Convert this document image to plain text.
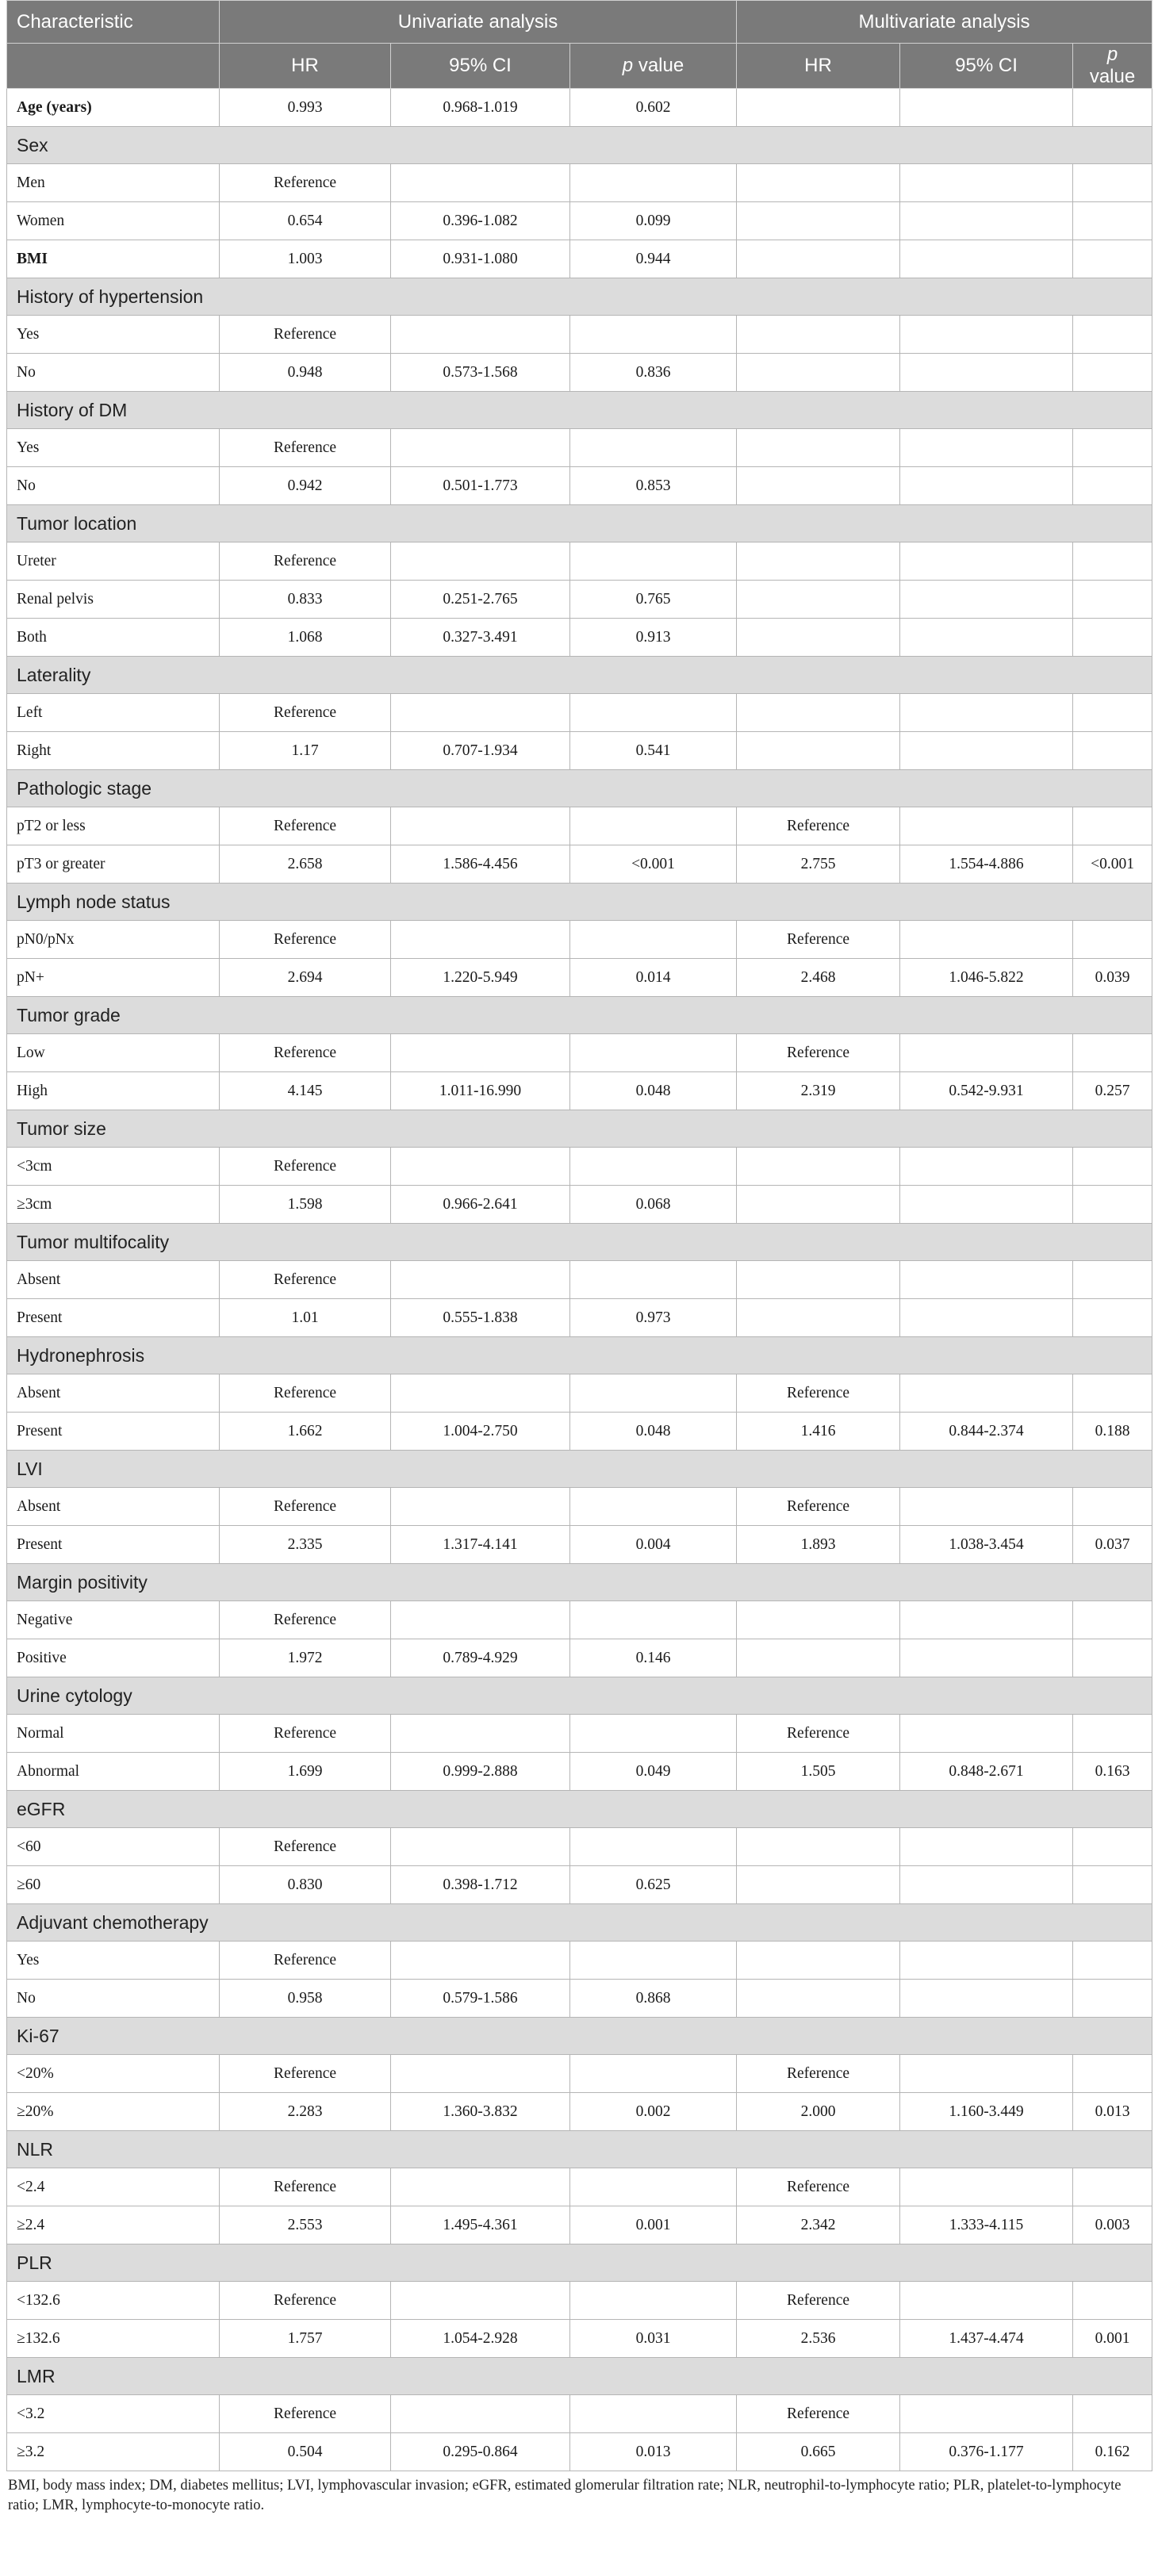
Characteristic	Univariate analysis			Multivariate analysis		
	HR	95% CI	p value	HR	95% CI	p value
Age (years)	0.993	0.968-1.019	0.602			
Sex						
Men	Reference					
Women	0.654	0.396-1.082	0.099			
BMI	1.003	0.931-1.080	0.944			
History of hypertension						
Yes	Reference					
No	0.948	0.573-1.568	0.836			
History of DM						
Yes	Reference					
No	0.942	0.501-1.773	0.853			
Tumor location						
Ureter	Reference					
Renal pelvis	0.833	0.251-2.765	0.765			
Both	1.068	0.327-3.491	0.913			
Laterality						
Left	Reference					
Right	1.17	0.707-1.934	0.541			
Pathologic stage						
pT2 or less	Reference			Reference		
pT3 or greater	2.658	1.586-4.456	<0.001	2.755	1.554-4.886	<0.001
Lymph node status						
pN0/pNx	Reference			Reference		
pN+	2.694	1.220-5.949	0.014	2.468	1.046-5.822	0.039
Tumor grade						
Low	Reference			Reference		
High	4.145	1.011-16.990	0.048	2.319	0.542-9.931	0.257
Tumor size						
<3cm	Reference					
≥3cm	1.598	0.966-2.641	0.068			
Tumor multifocality						
Absent	Reference					
Present	1.01	0.555-1.838	0.973			
Hydronephrosis						
Absent	Reference			Reference		
Present	1.662	1.004-2.750	0.048	1.416	0.844-2.374	0.188
LVI						
Absent	Reference			Reference		
Present	2.335	1.317-4.141	0.004	1.893	1.038-3.454	0.037
Margin positivity						
Negative	Reference					
Positive	1.972	0.789-4.929	0.146			
Urine cytology						
Normal	Reference			Reference		
Abnormal	1.699	0.999-2.888	0.049	1.505	0.848-2.671	0.163
eGFR						
<60	Reference					
≥60	0.830	0.398-1.712	0.625			
Adjuvant chemotherapy						
Yes	Reference					
No	0.958	0.579-1.586	0.868			
Ki-67						
<20%	Reference			Reference		
≥20%	2.283	1.360-3.832	0.002	2.000	1.160-3.449	0.013
NLR						
<2.4	Reference			Reference		
≥2.4	2.553	1.495-4.361	0.001	2.342	1.333-4.115	0.003
PLR						
<132.6	Reference			Reference		
≥132.6	1.757	1.054-2.928	0.031	2.536	1.437-4.474	0.001
LMR						
<3.2	Reference			Reference		
≥3.2	0.504	0.295-0.864	0.013	0.665	0.376-1.177	0.162
BMI, body mass index; DM, diabetes mellitus; LVI, lymphovascular invasion; eGFR, estimated glomerular filtration rate; NLR, neutrophil-to-lymphocyte ratio; PLR, platelet-to-lymphocyte ratio; LMR, lymphocyte-to-monocyte ratio.
